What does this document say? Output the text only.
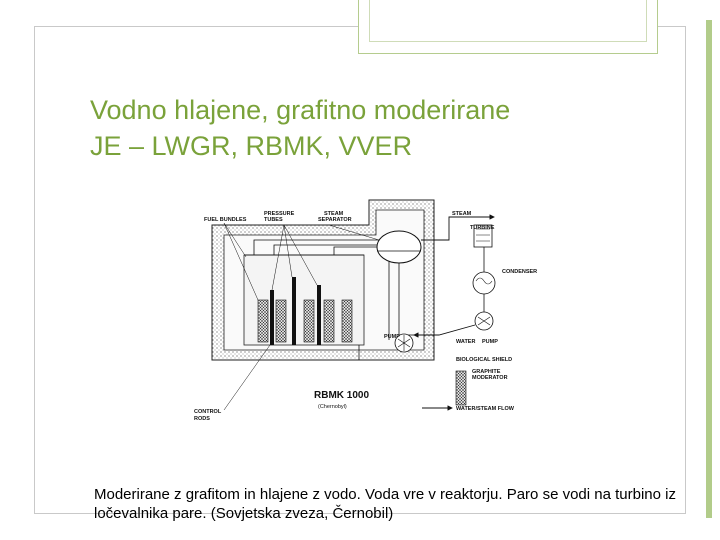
Vodno hlajene, grafitno moderirane
JE – LWGR, RBMK, VVER
FUEL BUNDLES
PRESSURE
TUBES
STEAM
SEPARATOR
STEAM
TURBINE
CONDENSER
PUMP
WATER PUMP
BIOLOGICAL SHIELD
GRAPHITE
MODERATOR
WATER/STEAM FLOW
CONTROL
RODS
RBMK 1000
(Chernobyl)
Moderirane z grafitom in hlajene z vodo. Voda vre v reaktorju. Paro se vodi na turbino iz ločevalnika pare. (Sovjetska zveza, Černobil)
